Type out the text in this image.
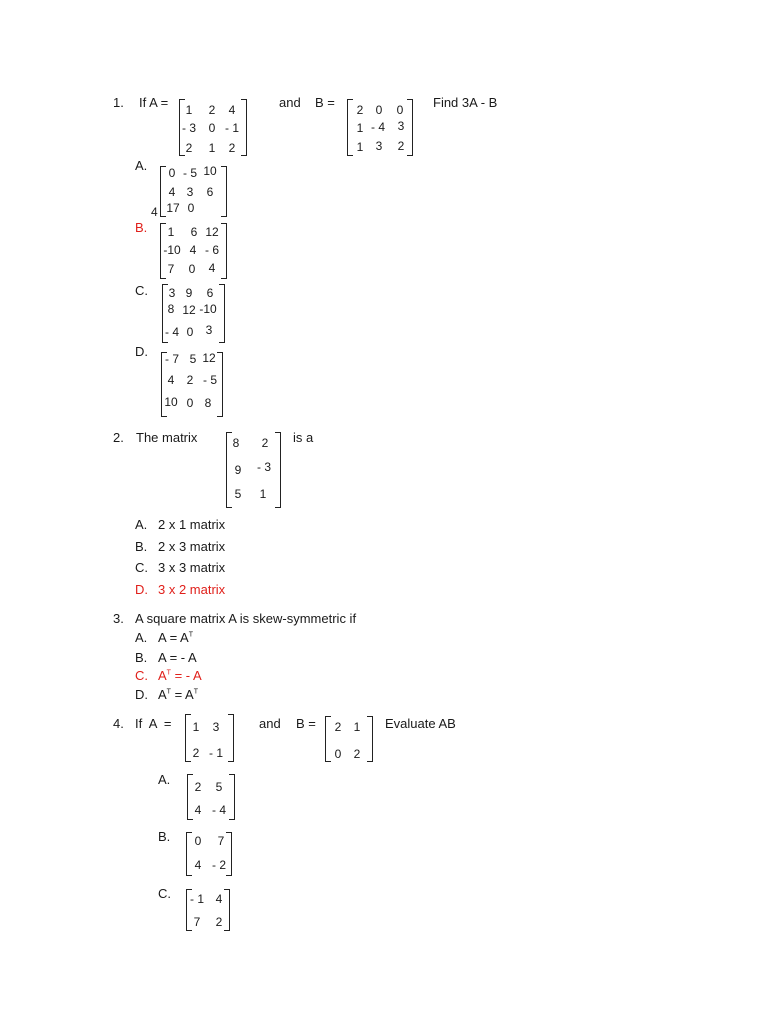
1. If A = 1 2 4
- 3 0 - 1
2 1 2
and B = 2 0 0
1 - 4 3
1 3 2
Find 3A - B
A. 0 - 5 10
4 3 6
17 0
4
B. 1 6 12
-10 4 - 6
7 0 4
C. 3 9 6
8 12 -10
- 4 0 3
D. - 7 5 12
4 2 - 5
10 0 8
2. The matrix	8 2
9 - 3
5 1
is a
A. 2 x 1 matrix
B. 2 x 3 matrix
C. 3 x 3 matrix
D. 3 x 2 matrix
3. A square matrix A is skew-symmetric if
A. $A = A^T$
B. A = - A
C. $A^T$ = - A
D. $A^T = A^T$
4. If  A  = 1 3
2 - 1
and B = 2 1
0 2
Evaluate AB
A. 2 5
4 - 4
B. 0 7
4 - 2
C. - 1 4
7 2
